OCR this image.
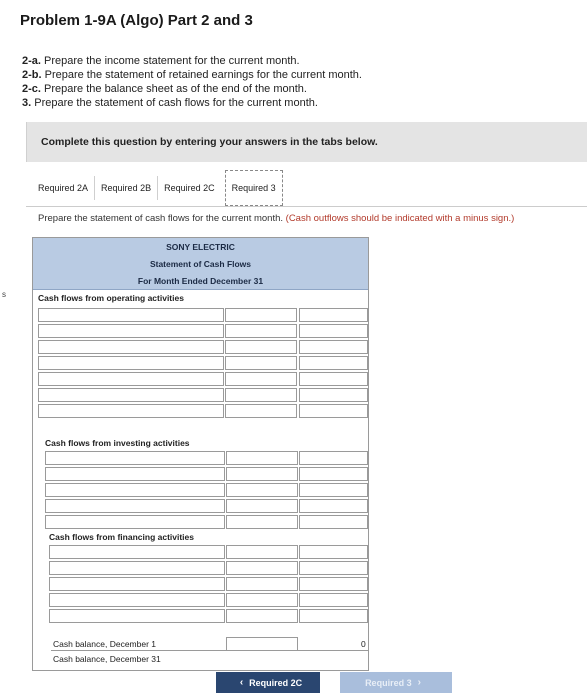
Problem 1-9A (Algo) Part 2 and 3
2-a. Prepare the income statement for the current month.
2-b. Prepare the statement of retained earnings for the current month.
2-c. Prepare the balance sheet as of the end of the month.
3. Prepare the statement of cash flows for the current month.
s
Complete this question by entering your answers in the tabs below.
Required 2A	Required 2B	Required 2C	Required 3
Prepare the statement of cash flows for the current month. (Cash outflows should be indicated with a minus sign.)
SONY ELECTRIC
Statement of Cash Flows
For Month Ended December 31
Cash flows from operating activities
Cash flows from investing activities
Cash flows from financing activities
Cash balance, December 1	0
Cash balance, December 31
‹ Required 2C	Required 3 ›
